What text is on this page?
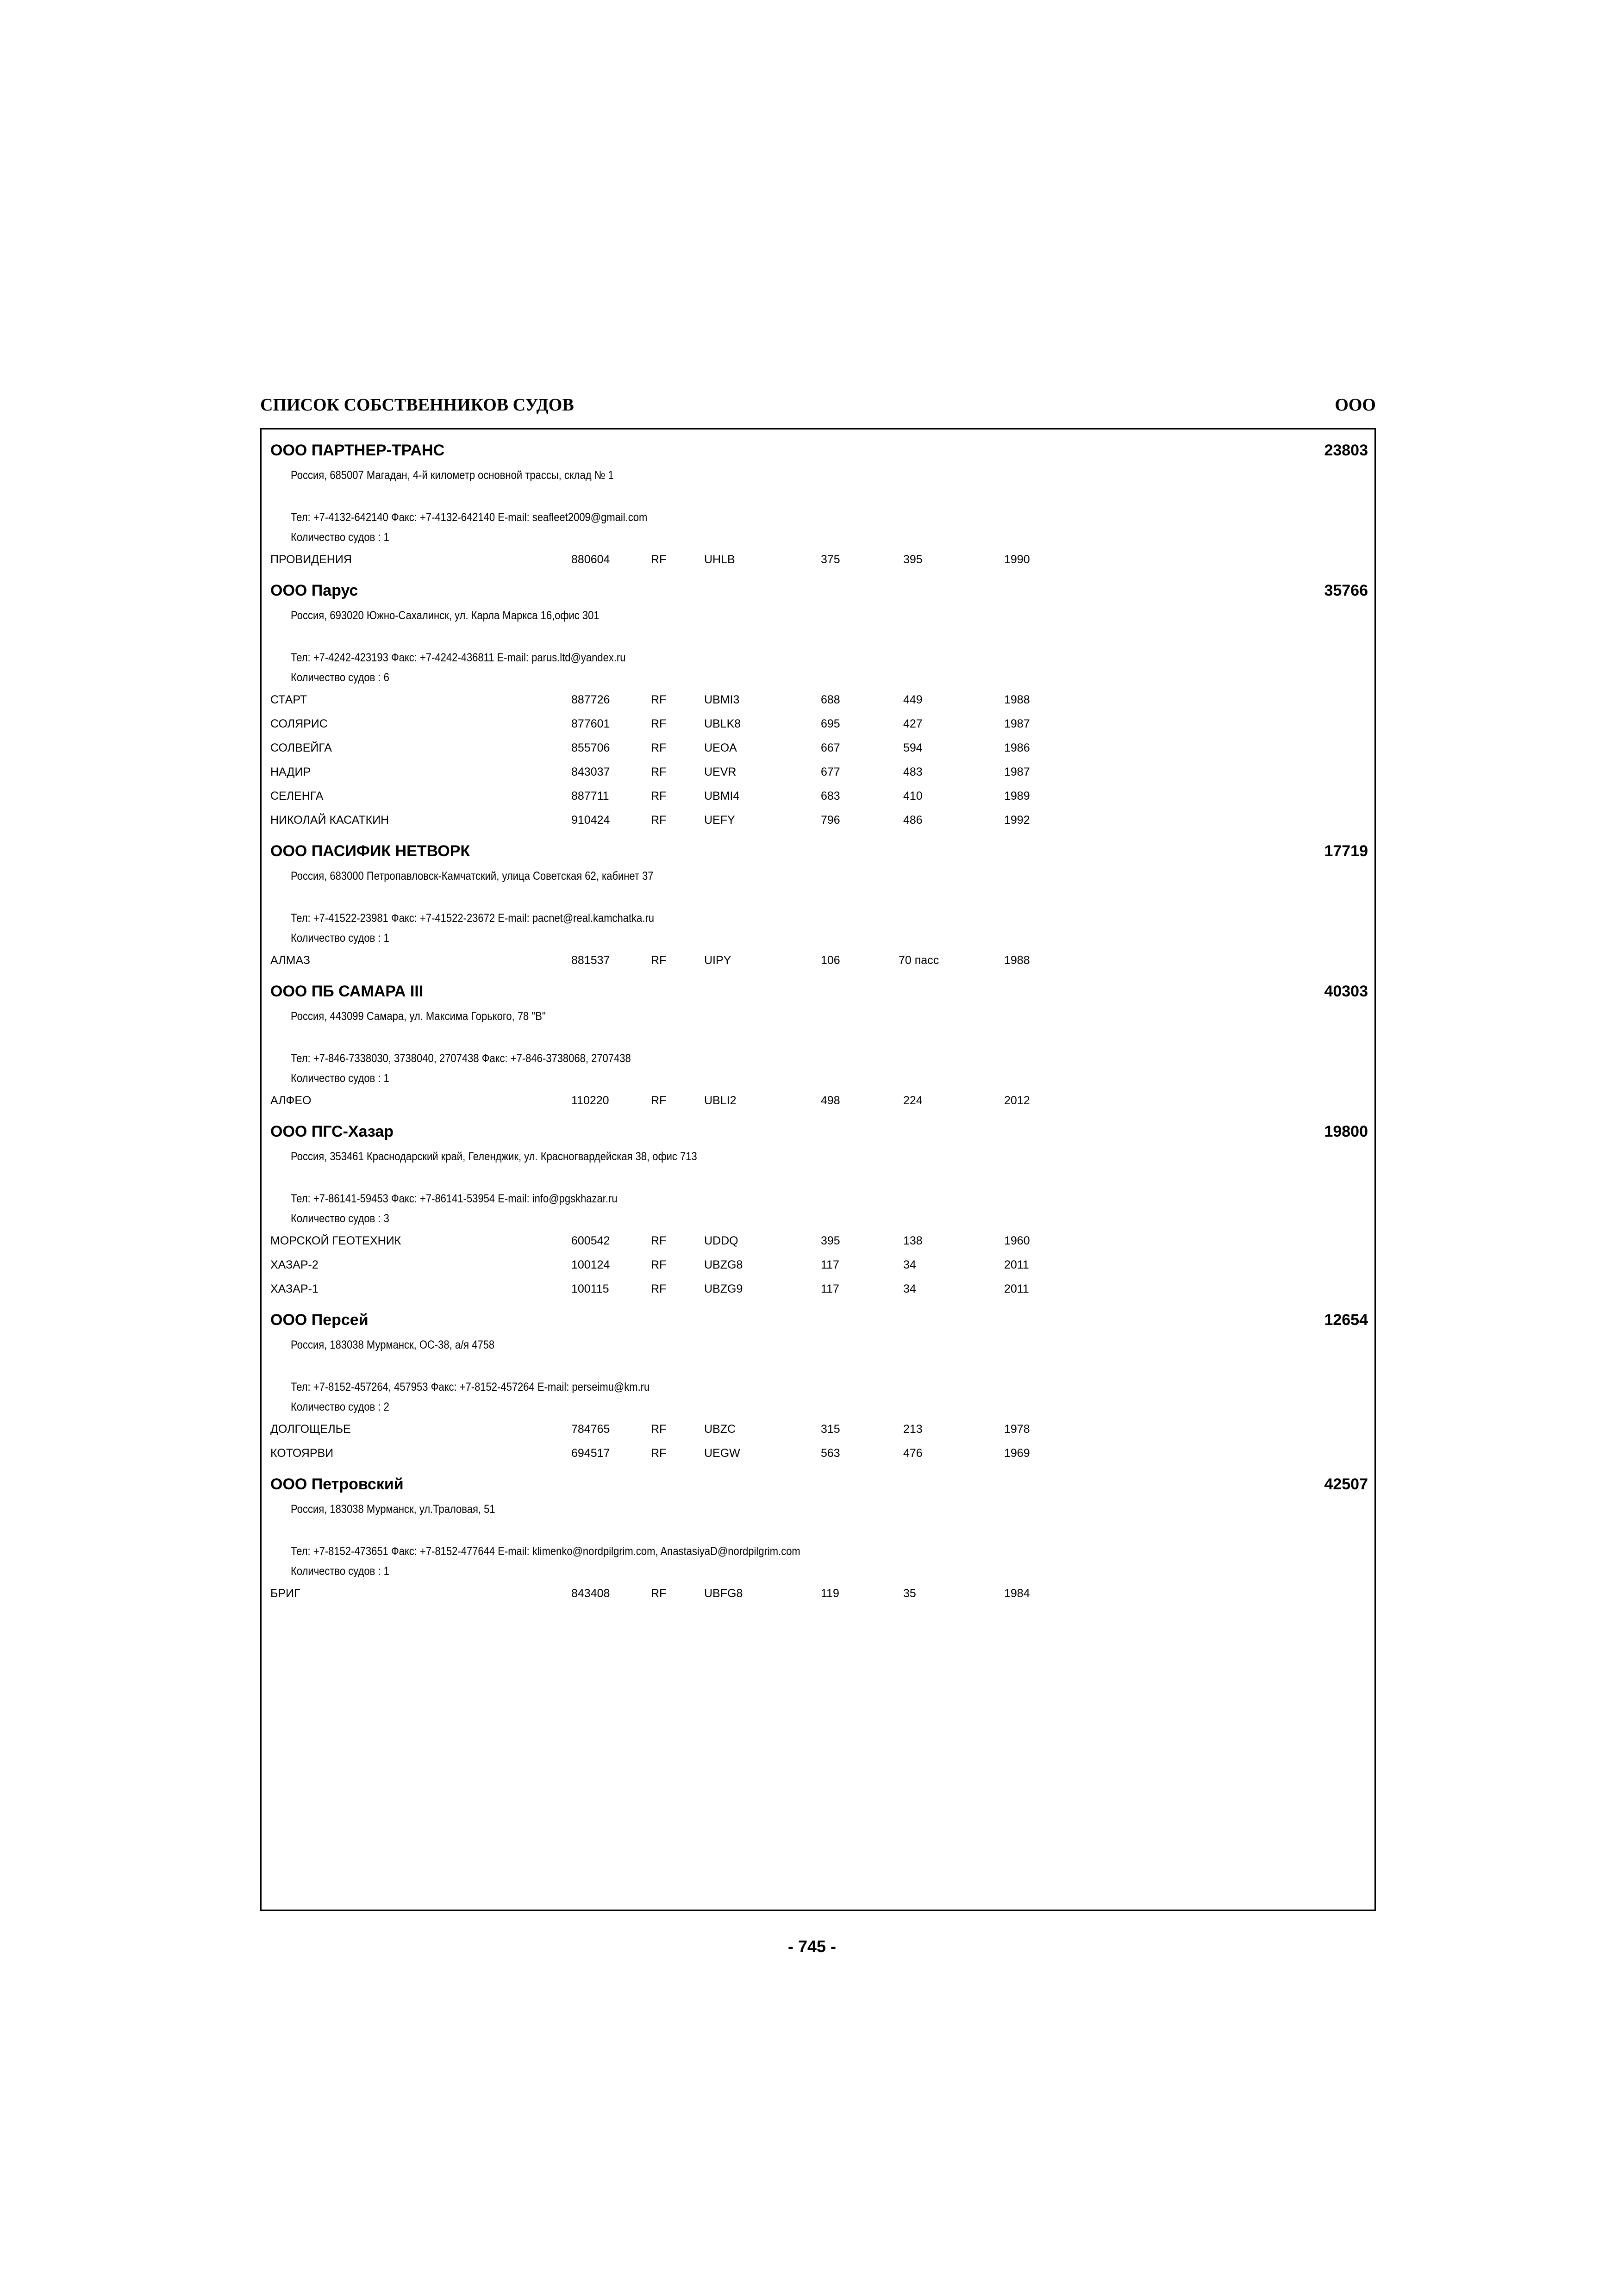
СПИСОК СОБСТВЕННИКОВ СУДОВ	ООО
ООО ПАРТНЕР-ТРАНС	23803
Россия, 685007 Магадан, 4-й километр основной трассы, склад № 1
Тел: +7-4132-642140 Факс: +7-4132-642140 E-mail: seafleet2009@gmail.com
Количество судов : 1
ПРОВИДЕНИЯ	880604	RF	UHLB	375	395	1990
ООО Парус	35766
Россия, 693020 Южно-Сахалинск, ул. Карла Маркса 16,офис 301
Тел: +7-4242-423193 Факс: +7-4242-436811 E-mail: parus.ltd@yandex.ru
Количество судов : 6
СТАРТ	887726	RF	UBMI3	688	449	1988
СОЛЯРИС	877601	RF	UBLK8	695	427	1987
СОЛВЕЙГА	855706	RF	UEOA	667	594	1986
НАДИР	843037	RF	UEVR	677	483	1987
СЕЛЕНГА	887711	RF	UBMI4	683	410	1989
НИКОЛАЙ КАСАТКИН	910424	RF	UEFY	796	486	1992
ООО ПАСИФИК НЕТВОРК	17719
Россия, 683000 Петропавловск-Камчатский, улица Советская 62, кабинет 37
Тел: +7-41522-23981 Факс: +7-41522-23672 E-mail: pacnet@real.kamchatka.ru
Количество судов : 1
АЛМАЗ	881537	RF	UIPY	106	70 пасс	1988
ООО ПБ САМАРА III	40303
Россия, 443099 Самара, ул. Максима Горького, 78 "В"
Тел: +7-846-7338030, 3738040, 2707438 Факс: +7-846-3738068, 2707438
Количество судов : 1
АЛФЕО	110220	RF	UBLI2	498	224	2012
ООО ПГС-Хазар	19800
Россия, 353461 Краснодарский край, Геленджик, ул. Красногвардейская 38, офис 713
Тел: +7-86141-59453 Факс: +7-86141-53954 E-mail: info@pgskhazar.ru
Количество судов : 3
МОРСКОЙ ГЕОТЕХНИК	600542	RF	UDDQ	395	138	1960
ХАЗАР-2	100124	RF	UBZG8	117	34	2011
ХАЗАР-1	100115	RF	UBZG9	117	34	2011
ООО Персей	12654
Россия, 183038 Мурманск, ОС-38, а/я 4758
Тел: +7-8152-457264, 457953 Факс: +7-8152-457264 E-mail: perseimu@km.ru
Количество судов : 2
ДОЛГОЩЕЛЬЕ	784765	RF	UBZC	315	213	1978
КОТОЯРВИ	694517	RF	UEGW	563	476	1969
ООО Петровский	42507
Россия, 183038 Мурманск, ул.Траловая, 51
Тел: +7-8152-473651 Факс: +7-8152-477644 E-mail: klimenko@nordpilgrim.com, AnastasiyaD@nordpilgrim.com
Количество судов : 1
БРИГ	843408	RF	UBFG8	119	35	1984
- 745 -
